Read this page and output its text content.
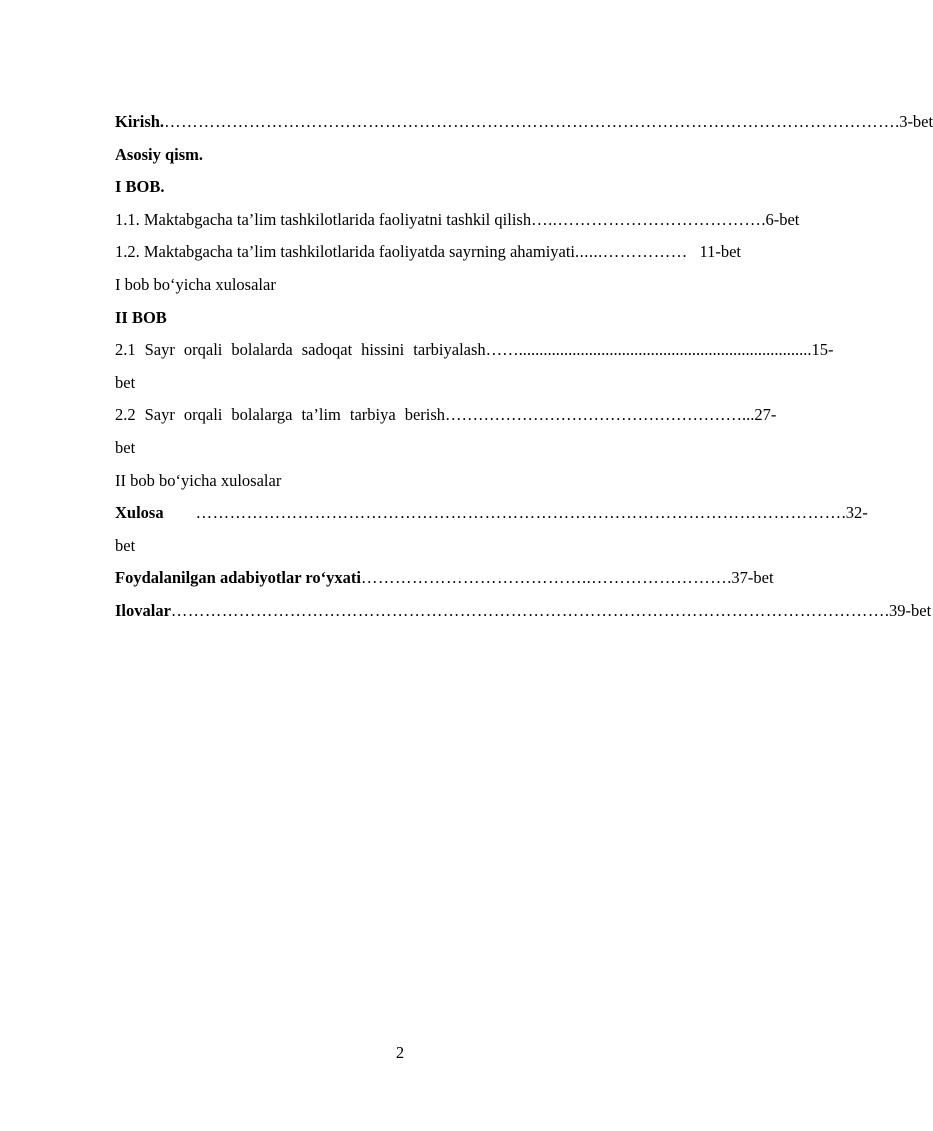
Kirish. ………………………………………………………………………………………………………………… .3-bet
Asosiy qism.
I BOB.
1.1. Maktabgacha ta’lim tashkilotlarida faoliyatni tashkil qilish …..……………………………… .6-bet
1.2. Maktabgacha ta’lim tashkilotlarida faoliyatda sayrning ahamiyati ......…………… 11-bet
I bob bo‘yicha xulosalar
II BOB
2.1 Sayr orqali bolalarda sadoqat hissini tarbiyalash ……....................................................................... 15-
bet
2.2 Sayr orqali bolalarga ta’lim tarbiya berish ………………………………………………... 27-
bet
II bob bo‘yicha xulosalar
Xulosa …………………………………………………………………………………………………… .32-
bet
Foydalanilgan adabiyotlar ro‘yxati …………………………………..…………………… .37-bet
Ilovalar ……………………………………………………………………………………………………………… .39-bet
2
